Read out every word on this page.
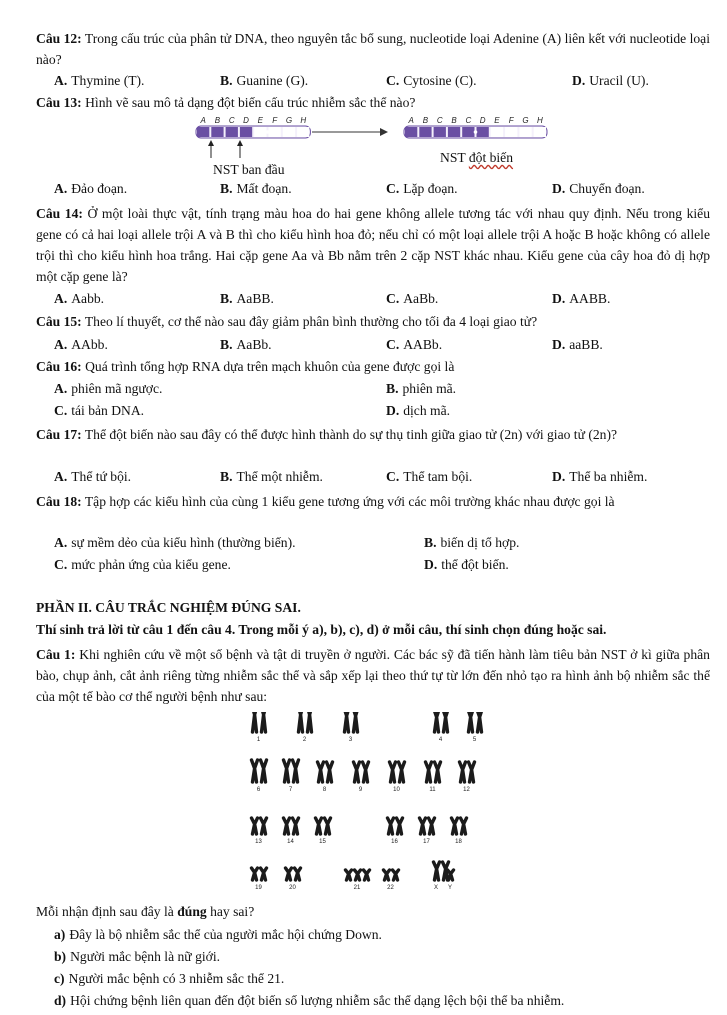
Câu 12: Trong cấu trúc của phân tử DNA, theo nguyên tắc bổ sung, nucleotide loại Adenine (A) liên kết với nucleotide loại nào?
A. Thymine (T).	B. Guanine (G).	C. Cytosine (C).	D. Uracil (U).
Câu 13: Hình vẽ sau mô tả dạng đột biến cấu trúc nhiễm sắc thể nào?
A B C D E F G H	A B C B C D E F G H
NST ban đầu
NST đột biến
A. Đảo đoạn.	B. Mất đoạn.	C. Lặp đoạn.	D. Chuyển đoạn.
Câu 14: Ở một loài thực vật, tính trạng màu hoa do hai gene không allele tương tác với nhau quy định. Nếu trong kiểu gene có cả hai loại allele trội A và B thì cho kiểu hình hoa đỏ; nếu chỉ có một loại allele trội A hoặc B hoặc không có allele trội thì cho kiểu hình hoa trắng. Hai cặp gene Aa và Bb nằm trên 2 cặp NST khác nhau. Kiểu gene của cây hoa đỏ dị hợp một cặp gene là?
A. Aabb.	B. AaBB.	C. AaBb.	D. AABB.
Câu 15: Theo lí thuyết, cơ thể nào sau đây giảm phân bình thường cho tối đa 4 loại giao tử?
A. AAbb.	B. AaBb.	C. AABb.	D. aaBB.
Câu 16: Quá trình tổng hợp RNA dựa trên mạch khuôn của gene được gọi là
A. phiên mã ngược.	B. phiên mã.
C. tái bản DNA.	D. dịch mã.
Câu 17: Thể đột biến nào sau đây có thể được hình thành do sự thụ tinh giữa giao tử (2n) với giao tử (2n)?
A. Thể tứ bội.	B. Thể một nhiễm.	C. Thể tam bội.	D. Thể ba nhiễm.
Câu 18: Tập hợp các kiểu hình của cùng 1 kiểu gene tương ứng với các môi trường khác nhau được gọi là
A. sự mềm dẻo của kiểu hình (thường biến).	B. biến dị tổ hợp.
C. mức phản ứng của kiểu gene.	D. thể đột biến.
PHẦN II. CÂU TRẮC NGHIỆM ĐÚNG SAI.
Thí sinh trả lời từ câu 1 đến câu 4. Trong mỗi ý a), b), c), d) ở mỗi câu, thí sinh chọn đúng hoặc sai.
Câu 1: Khi nghiên cứu về một số bệnh và tật di truyền ở người. Các bác sỹ đã tiến hành làm tiêu bản NST ở kì giữa phân bào, chụp ảnh, cắt ảnh riêng từng nhiễm sắc thể và sắp xếp lại theo thứ tự từ lớn đến nhỏ tạo ra hình ảnh bộ nhiễm sắc thể của một tế bào cơ thể người bệnh như sau:
1	2	3	4	5
6	7	8	9	10	11	12
13	14	15	16	17	18
19	20	21	22	X Y
Mỗi nhận định sau đây là đúng hay sai?
a) Đây là bộ nhiễm sắc thể của người mắc hội chứng Down.
b) Người mắc bệnh là nữ giới.
c) Người mắc bệnh có 3 nhiễm sắc thể 21.
d) Hội chứng bệnh liên quan đến đột biến số lượng nhiễm sắc thể dạng lệch bội thể ba nhiễm.
